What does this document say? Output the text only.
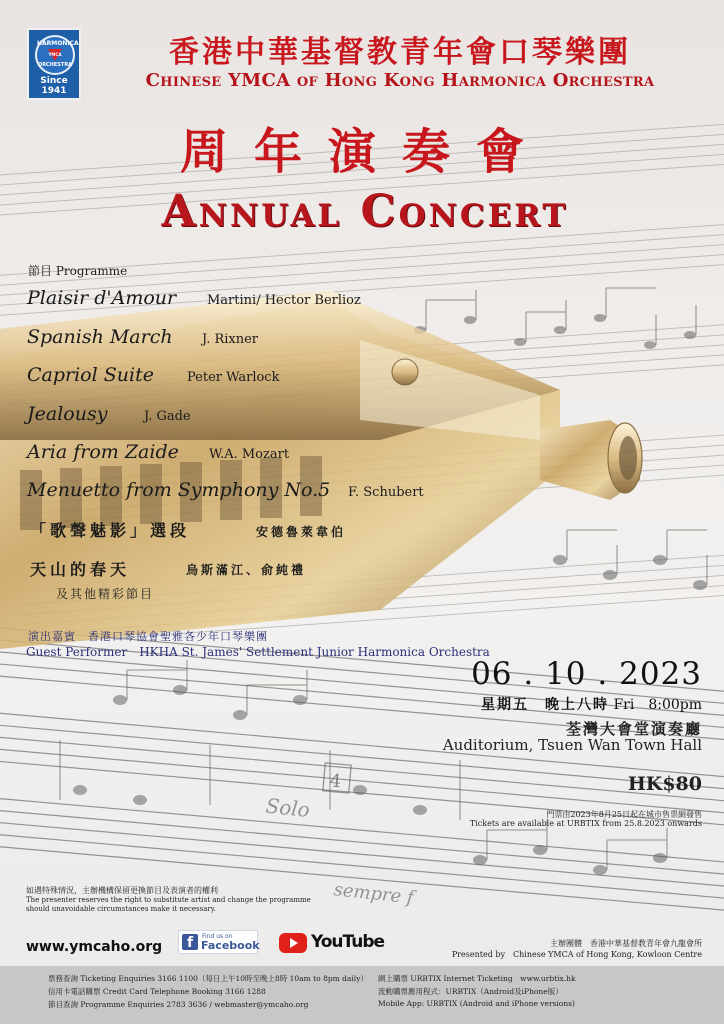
4
Solo
sempre f
HARMONICA
YMCA
ORCHESTRA
Since 1941
香港中華基督教青年會口琴樂團
Chinese YMCA of Hong Kong Harmonica Orchestra
周年演奏會
Annual Concert
節目 Programme
Plaisir d'Amour Martini/ Hector Berlioz
Spanish March J. Rixner
Capriol Suite	Peter Warlock
Jealousy	J. Gade
Aria from Zaide W.A. Mozart
Menuetto from Symphony No.5 F. Schubert
「歌聲魅影」選段	安德魯萊韋伯
天山的春天	烏斯滿江、俞純禮
及其他精彩節目
演出嘉賓　香港口琴協會聖雅各少年口琴樂團
Guest Performer　HKHA St. James' Settlement Junior Harmonica Orchestra
06 . 10 . 2023
星期五　晚上八時 Fri　8:00pm
荃灣大會堂演奏廳
Auditorium, Tsuen Wan Town Hall
HK$80
門票由2023年8月25日起在城市售票網發售
Tickets are available at URBTIX from 25.8.2023 onwards
如遇特殊情況，主辦機構保留更換節目及表演者的權利
The presenter reserves the right to substitute artist and change the programme should unavoidable circumstances make it necessary.
www.ymcaho.org	f	Find us on
Facebook	YouTube	主辦團體　香港中華基督教青年會九龍會所
Presented by　Chinese YMCA of Hong Kong, Kowloon Centre
票務查詢 Ticketing Enquiries 3166 1100（每日上午10時至晚上8時 10am to 8pm daily）
信用卡電話購票 Credit Card Telephone Booking 3166 1288
節目查詢 Programme Enquiries 2783 3636 / webmaster@ymcaho.org
網上購票 URBTIX Internet Ticketing　www.urbtix.hk
流動購票應用程式：URBTIX（Android及iPhone版）
Mobile App: URBTIX (Android and iPhone versions)
